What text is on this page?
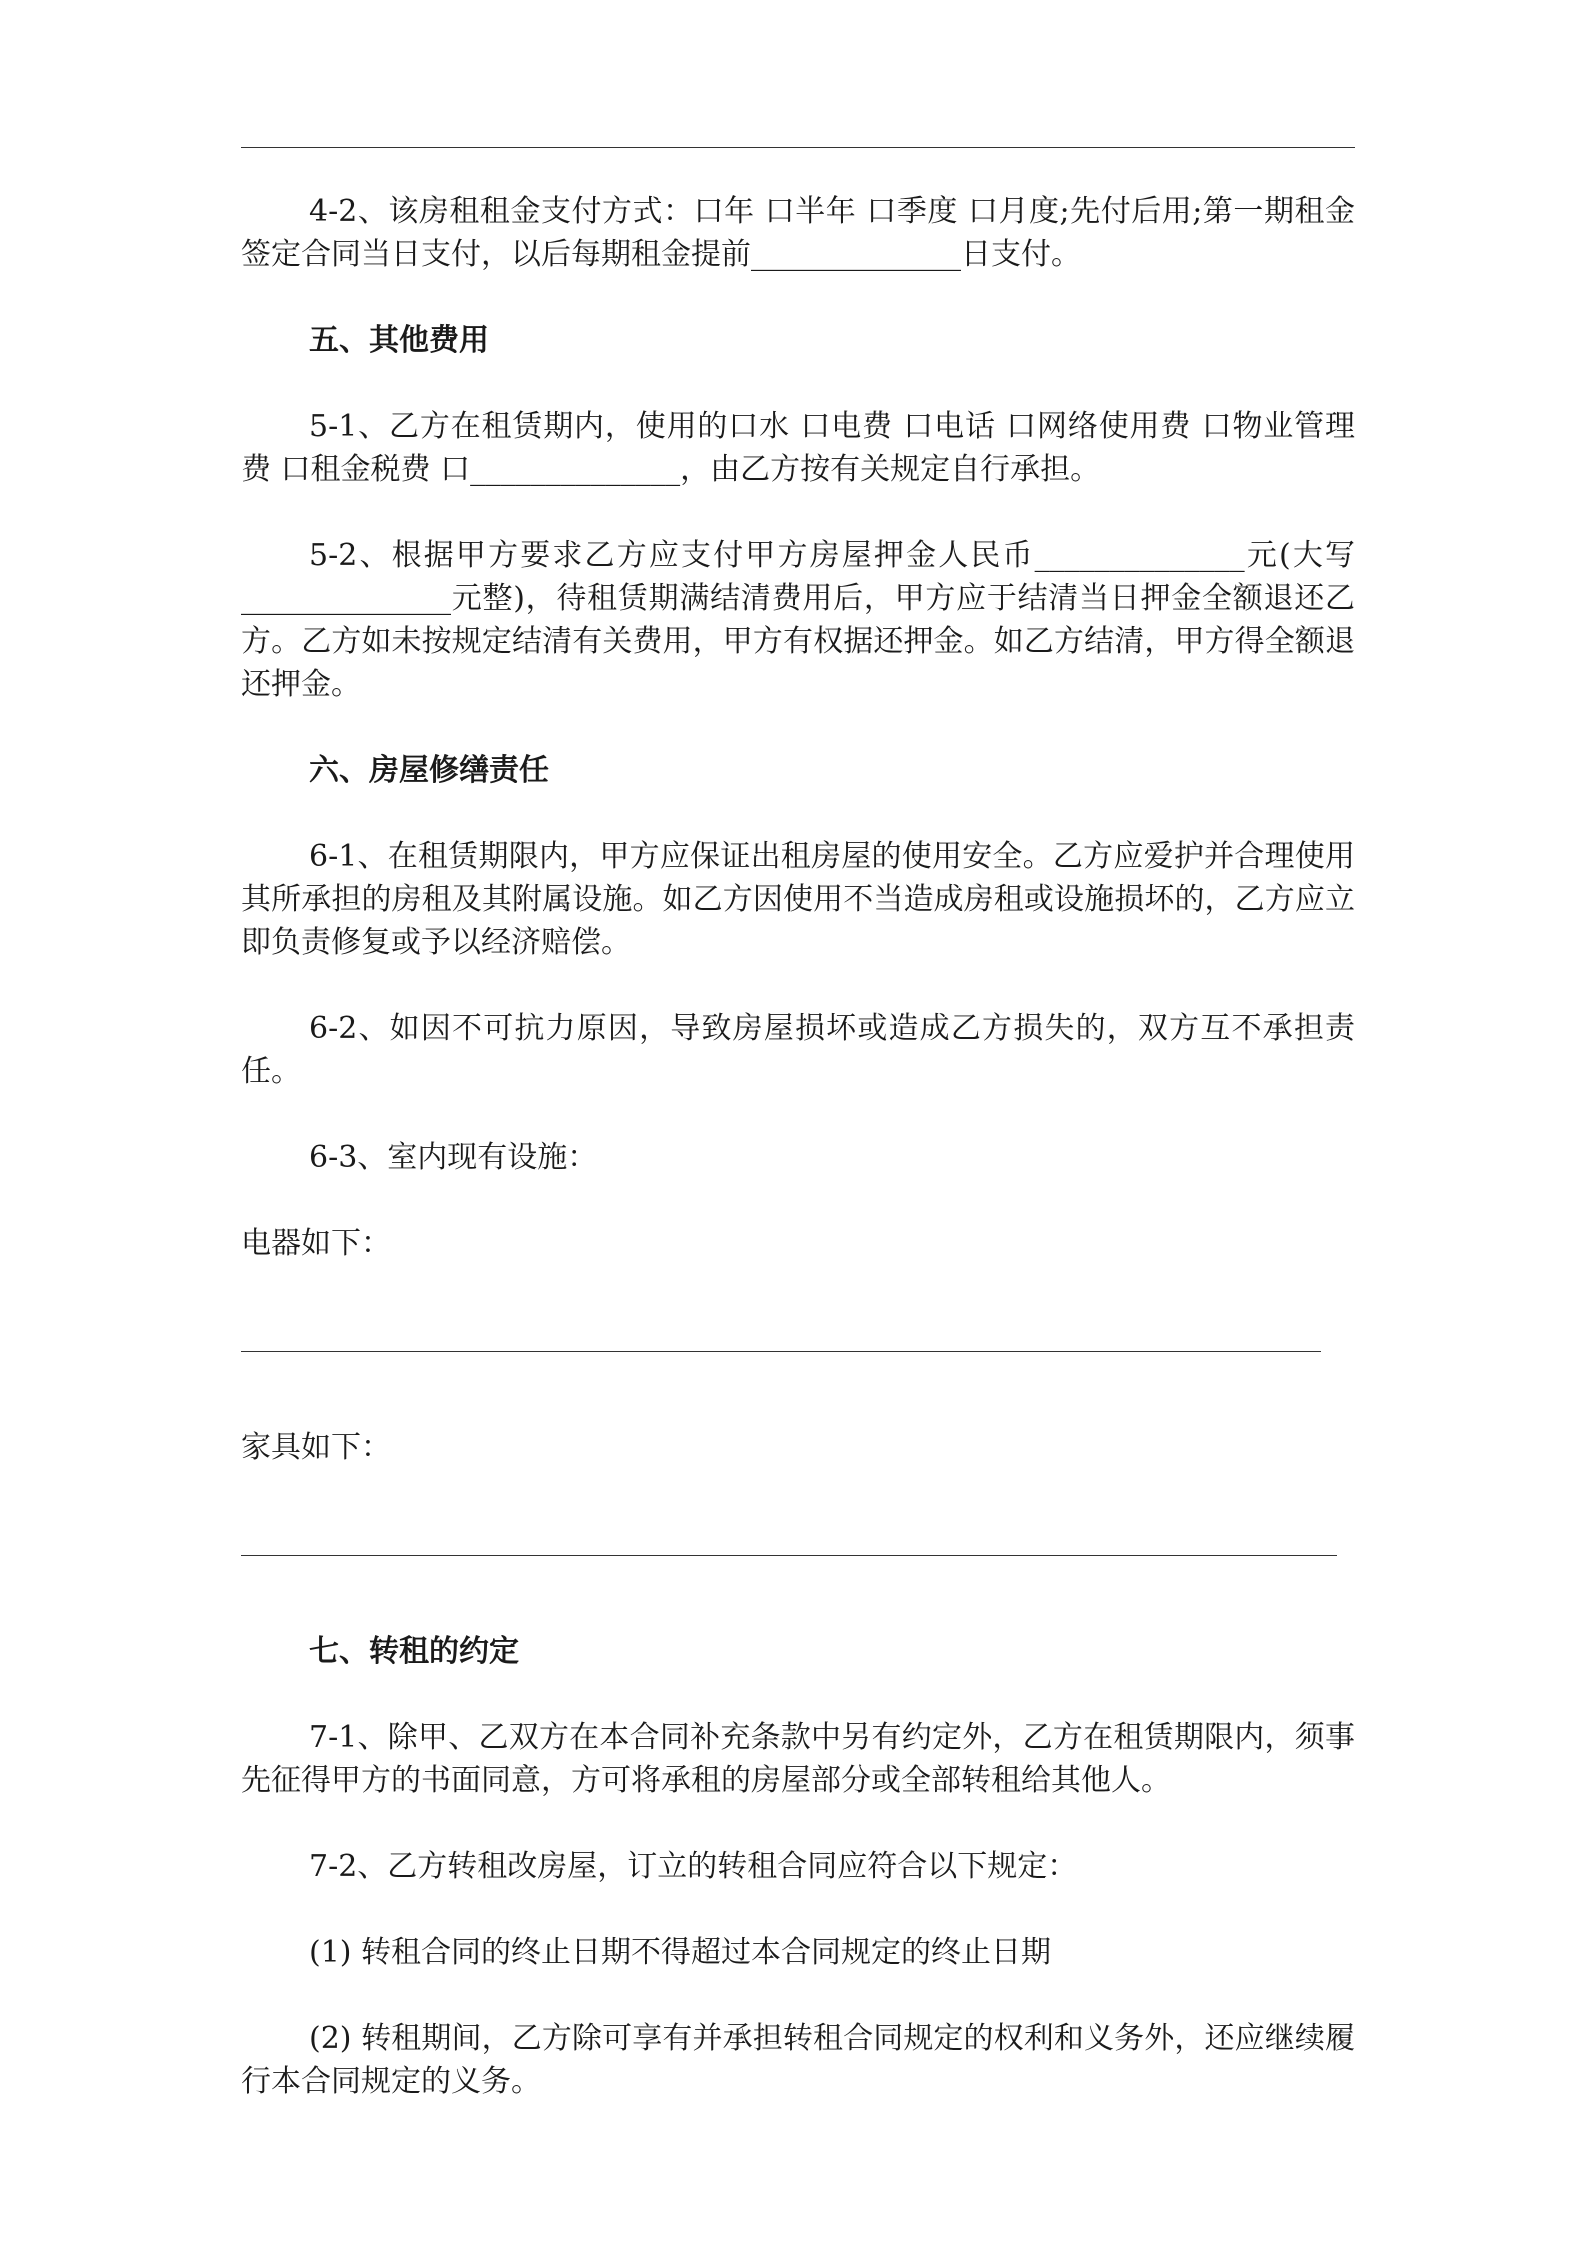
4-2、该房租租金支付方式：口年 口半年 口季度 口月度;先付后用;第一期租金签定合同当日支付，以后每期租金提前______________日支付。

五、其他费用

5-1、乙方在租赁期内，使用的口水 口电费 口电话 口网络使用费 口物业管理费 口租金税费 口______________，由乙方按有关规定自行承担。

5-2、根据甲方要求乙方应支付甲方房屋押金人民币______________元(大写______________元整)，待租赁期满结清费用后，甲方应于结清当日押金全额退还乙方。乙方如未按规定结清有关费用，甲方有权据还押金。如乙方结清，甲方得全额退还押金。

六、房屋修缮责任

6-1、在租赁期限内，甲方应保证出租房屋的使用安全。乙方应爱护并合理使用其所承担的房租及其附属设施。如乙方因使用不当造成房租或设施损坏的，乙方应立即负责修复或予以经济赔偿。

6-2、如因不可抗力原因，导致房屋损坏或造成乙方损失的，双方互不承担责任。

6-3、室内现有设施：

电器如下：

家具如下：

七、转租的约定

7-1、除甲、乙双方在本合同补充条款中另有约定外，乙方在租赁期限内，须事先征得甲方的书面同意，方可将承租的房屋部分或全部转租给其他人。

7-2、乙方转租改房屋，订立的转租合同应符合以下规定：

(1) 转租合同的终止日期不得超过本合同规定的终止日期

(2) 转租期间，乙方除可享有并承担转租合同规定的权利和义务外，还应继续履行本合同规定的义务。
